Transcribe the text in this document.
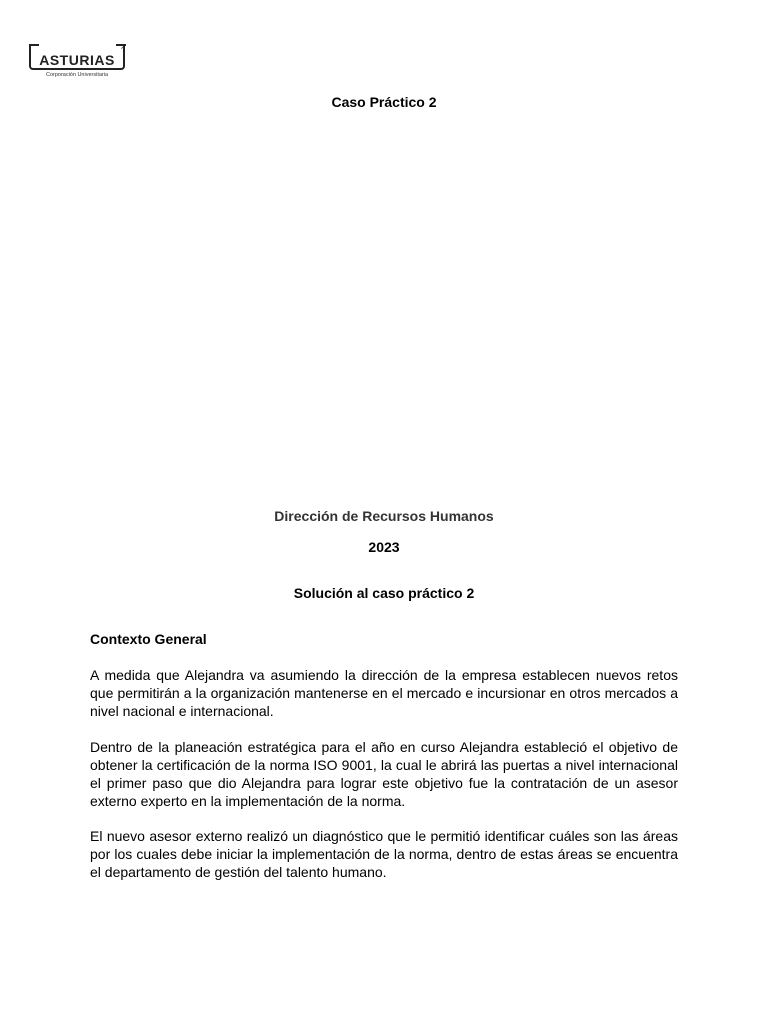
↗
ASTURIAS
Corporación Universitaria
Caso Práctico 2
Dirección de Recursos Humanos
2023
Solución al caso práctico 2
Contexto General

A medida que Alejandra va asumiendo la dirección de la empresa establecen nuevos retos que permitirán a la organización mantenerse en el mercado e incursionar en otros mercados a nivel nacional e internacional.

Dentro de la planeación estratégica para el año en curso Alejandra estableció el objetivo de obtener la certificación de la norma ISO 9001, la cual le abrirá las puertas a nivel internacional el primer paso que dio Alejandra para lograr este objetivo fue la contratación de un asesor externo experto en la implementación de la norma.

El nuevo asesor externo realizó un diagnóstico que le permitió identificar cuáles son las áreas por los cuales debe iniciar la implementación de la norma, dentro de estas áreas se encuentra el departamento de gestión del talento humano.
